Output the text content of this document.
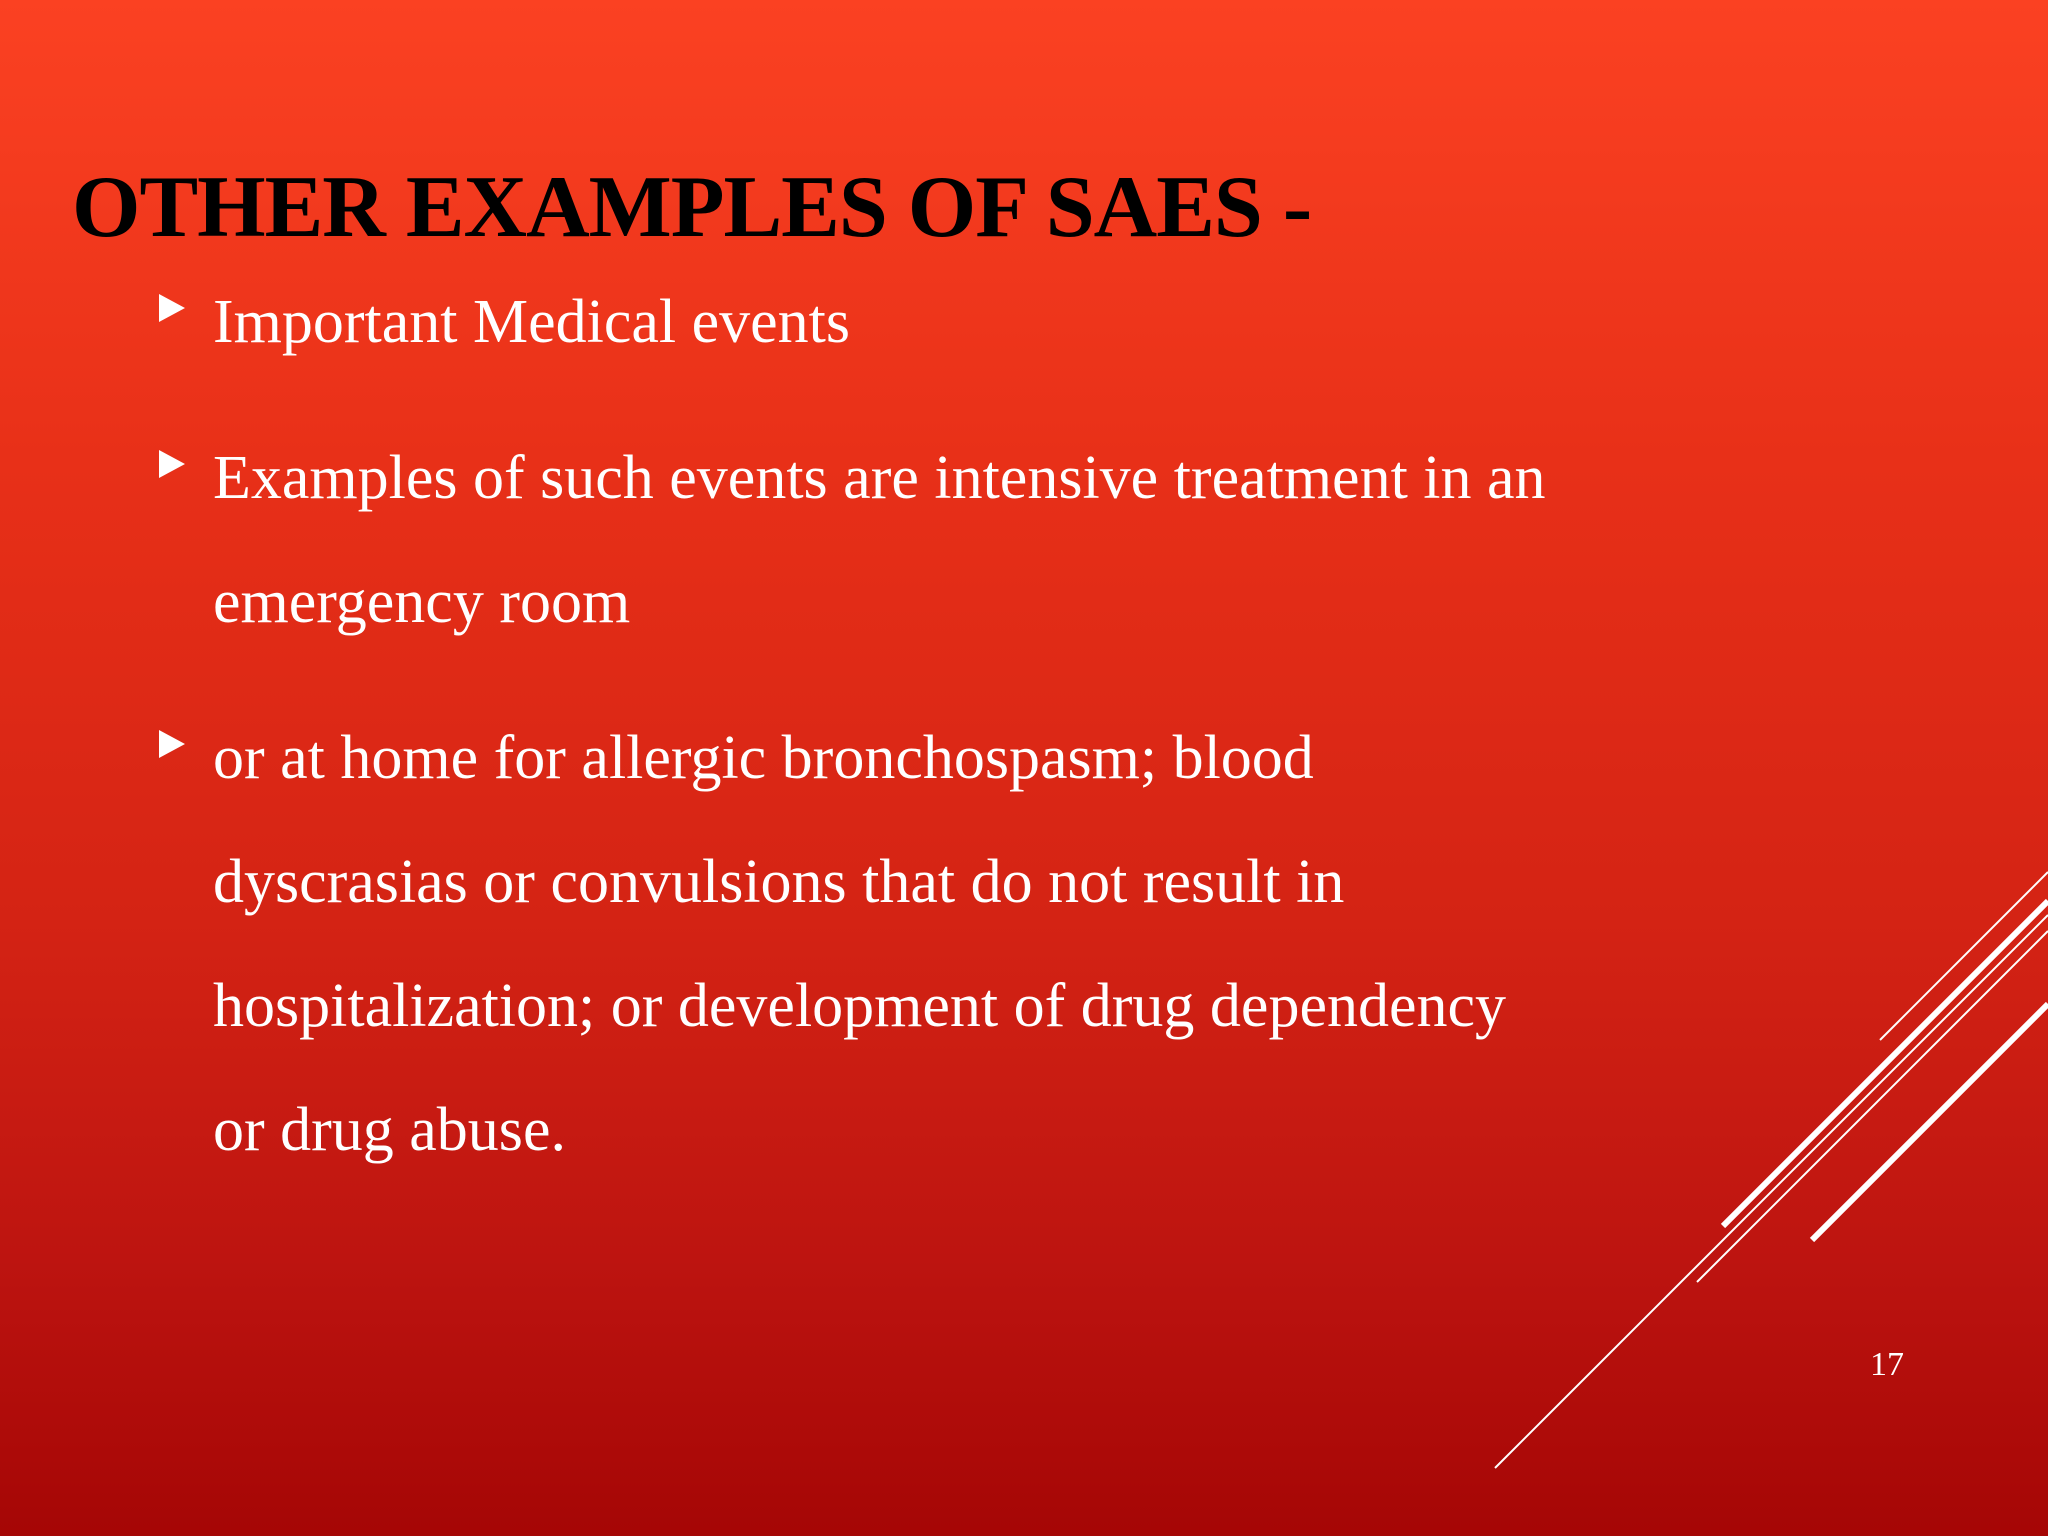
OTHER EXAMPLES OF SAES -
Important Medical events
Examples of such events are intensive treatment in an emergency room
or at home for allergic bronchospasm; blood dyscrasias or convulsions that do not result in hospitalization; or development of drug dependency or drug abuse.
17
